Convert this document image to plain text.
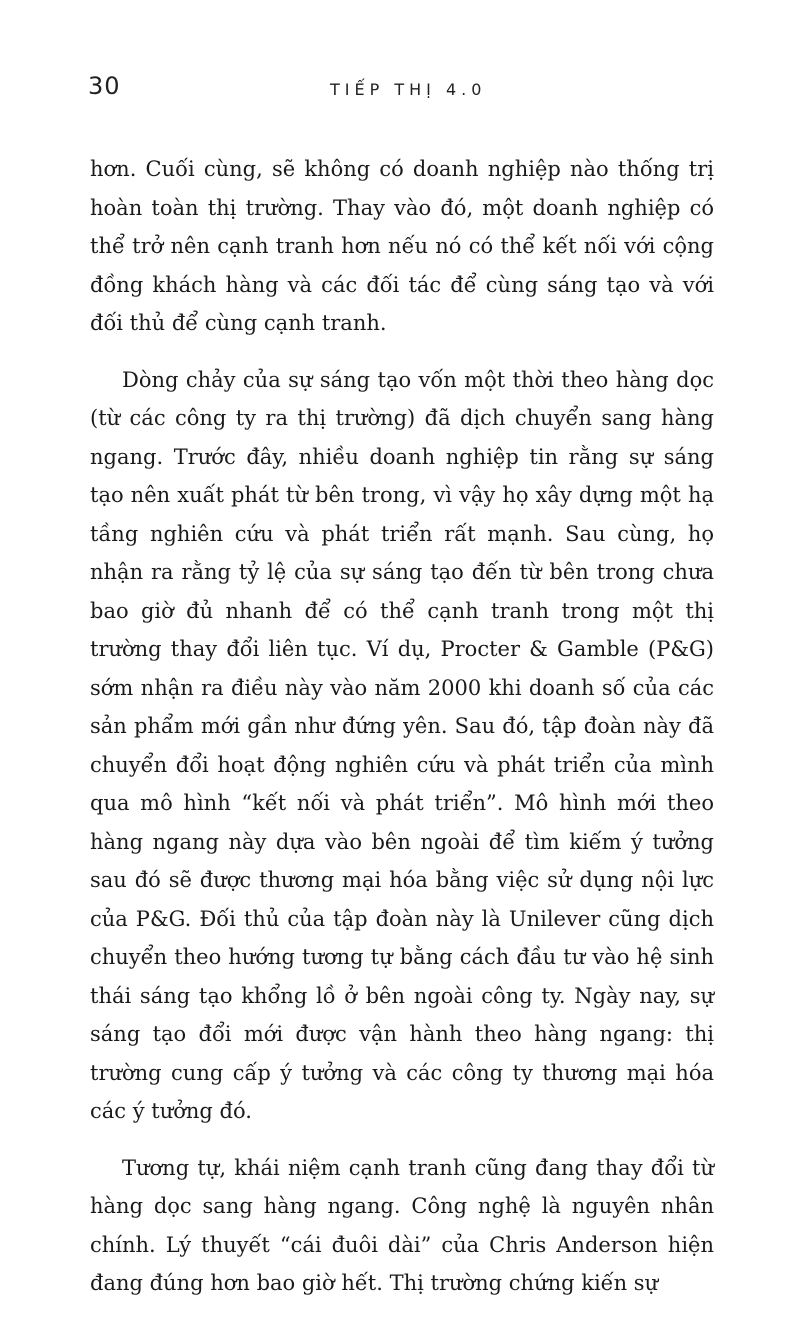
30	TIẾP THỊ 4.0

hơn. Cuối cùng, sẽ không có doanh nghiệp nào thống trị hoàn toàn thị trường. Thay vào đó, một doanh nghiệp có thể trở nên cạnh tranh hơn nếu nó có thể kết nối với cộng đồng khách hàng và các đối tác để cùng sáng tạo và với đối thủ để cùng cạnh tranh.

Dòng chảy của sự sáng tạo vốn một thời theo hàng dọc (từ các công ty ra thị trường) đã dịch chuyển sang hàng ngang. Trước đây, nhiều doanh nghiệp tin rằng sự sáng tạo nên xuất phát từ bên trong, vì vậy họ xây dựng một hạ tầng nghiên cứu và phát triển rất mạnh. Sau cùng, họ nhận ra rằng tỷ lệ của sự sáng tạo đến từ bên trong chưa bao giờ đủ nhanh để có thể cạnh tranh trong một thị trường thay đổi liên tục. Ví dụ, Procter & Gamble (P&G) sớm nhận ra điều này vào năm 2000 khi doanh số của các sản phẩm mới gần như đứng yên. Sau đó, tập đoàn này đã chuyển đổi hoạt động nghiên cứu và phát triển của mình qua mô hình “kết nối và phát triển”. Mô hình mới theo hàng ngang này dựa vào bên ngoài để tìm kiếm ý tưởng sau đó sẽ được thương mại hóa bằng việc sử dụng nội lực của P&G. Đối thủ của tập đoàn này là Unilever cũng dịch chuyển theo hướng tương tự bằng cách đầu tư vào hệ sinh thái sáng tạo khổng lồ ở bên ngoài công ty. Ngày nay, sự sáng tạo đổi mới được vận hành theo hàng ngang: thị trường cung cấp ý tưởng và các công ty thương mại hóa các ý tưởng đó.

Tương tự, khái niệm cạnh tranh cũng đang thay đổi từ hàng dọc sang hàng ngang. Công nghệ là nguyên nhân chính. Lý thuyết “cái đuôi dài” của Chris Anderson hiện đang đúng hơn bao giờ hết. Thị trường chứng kiến sự
